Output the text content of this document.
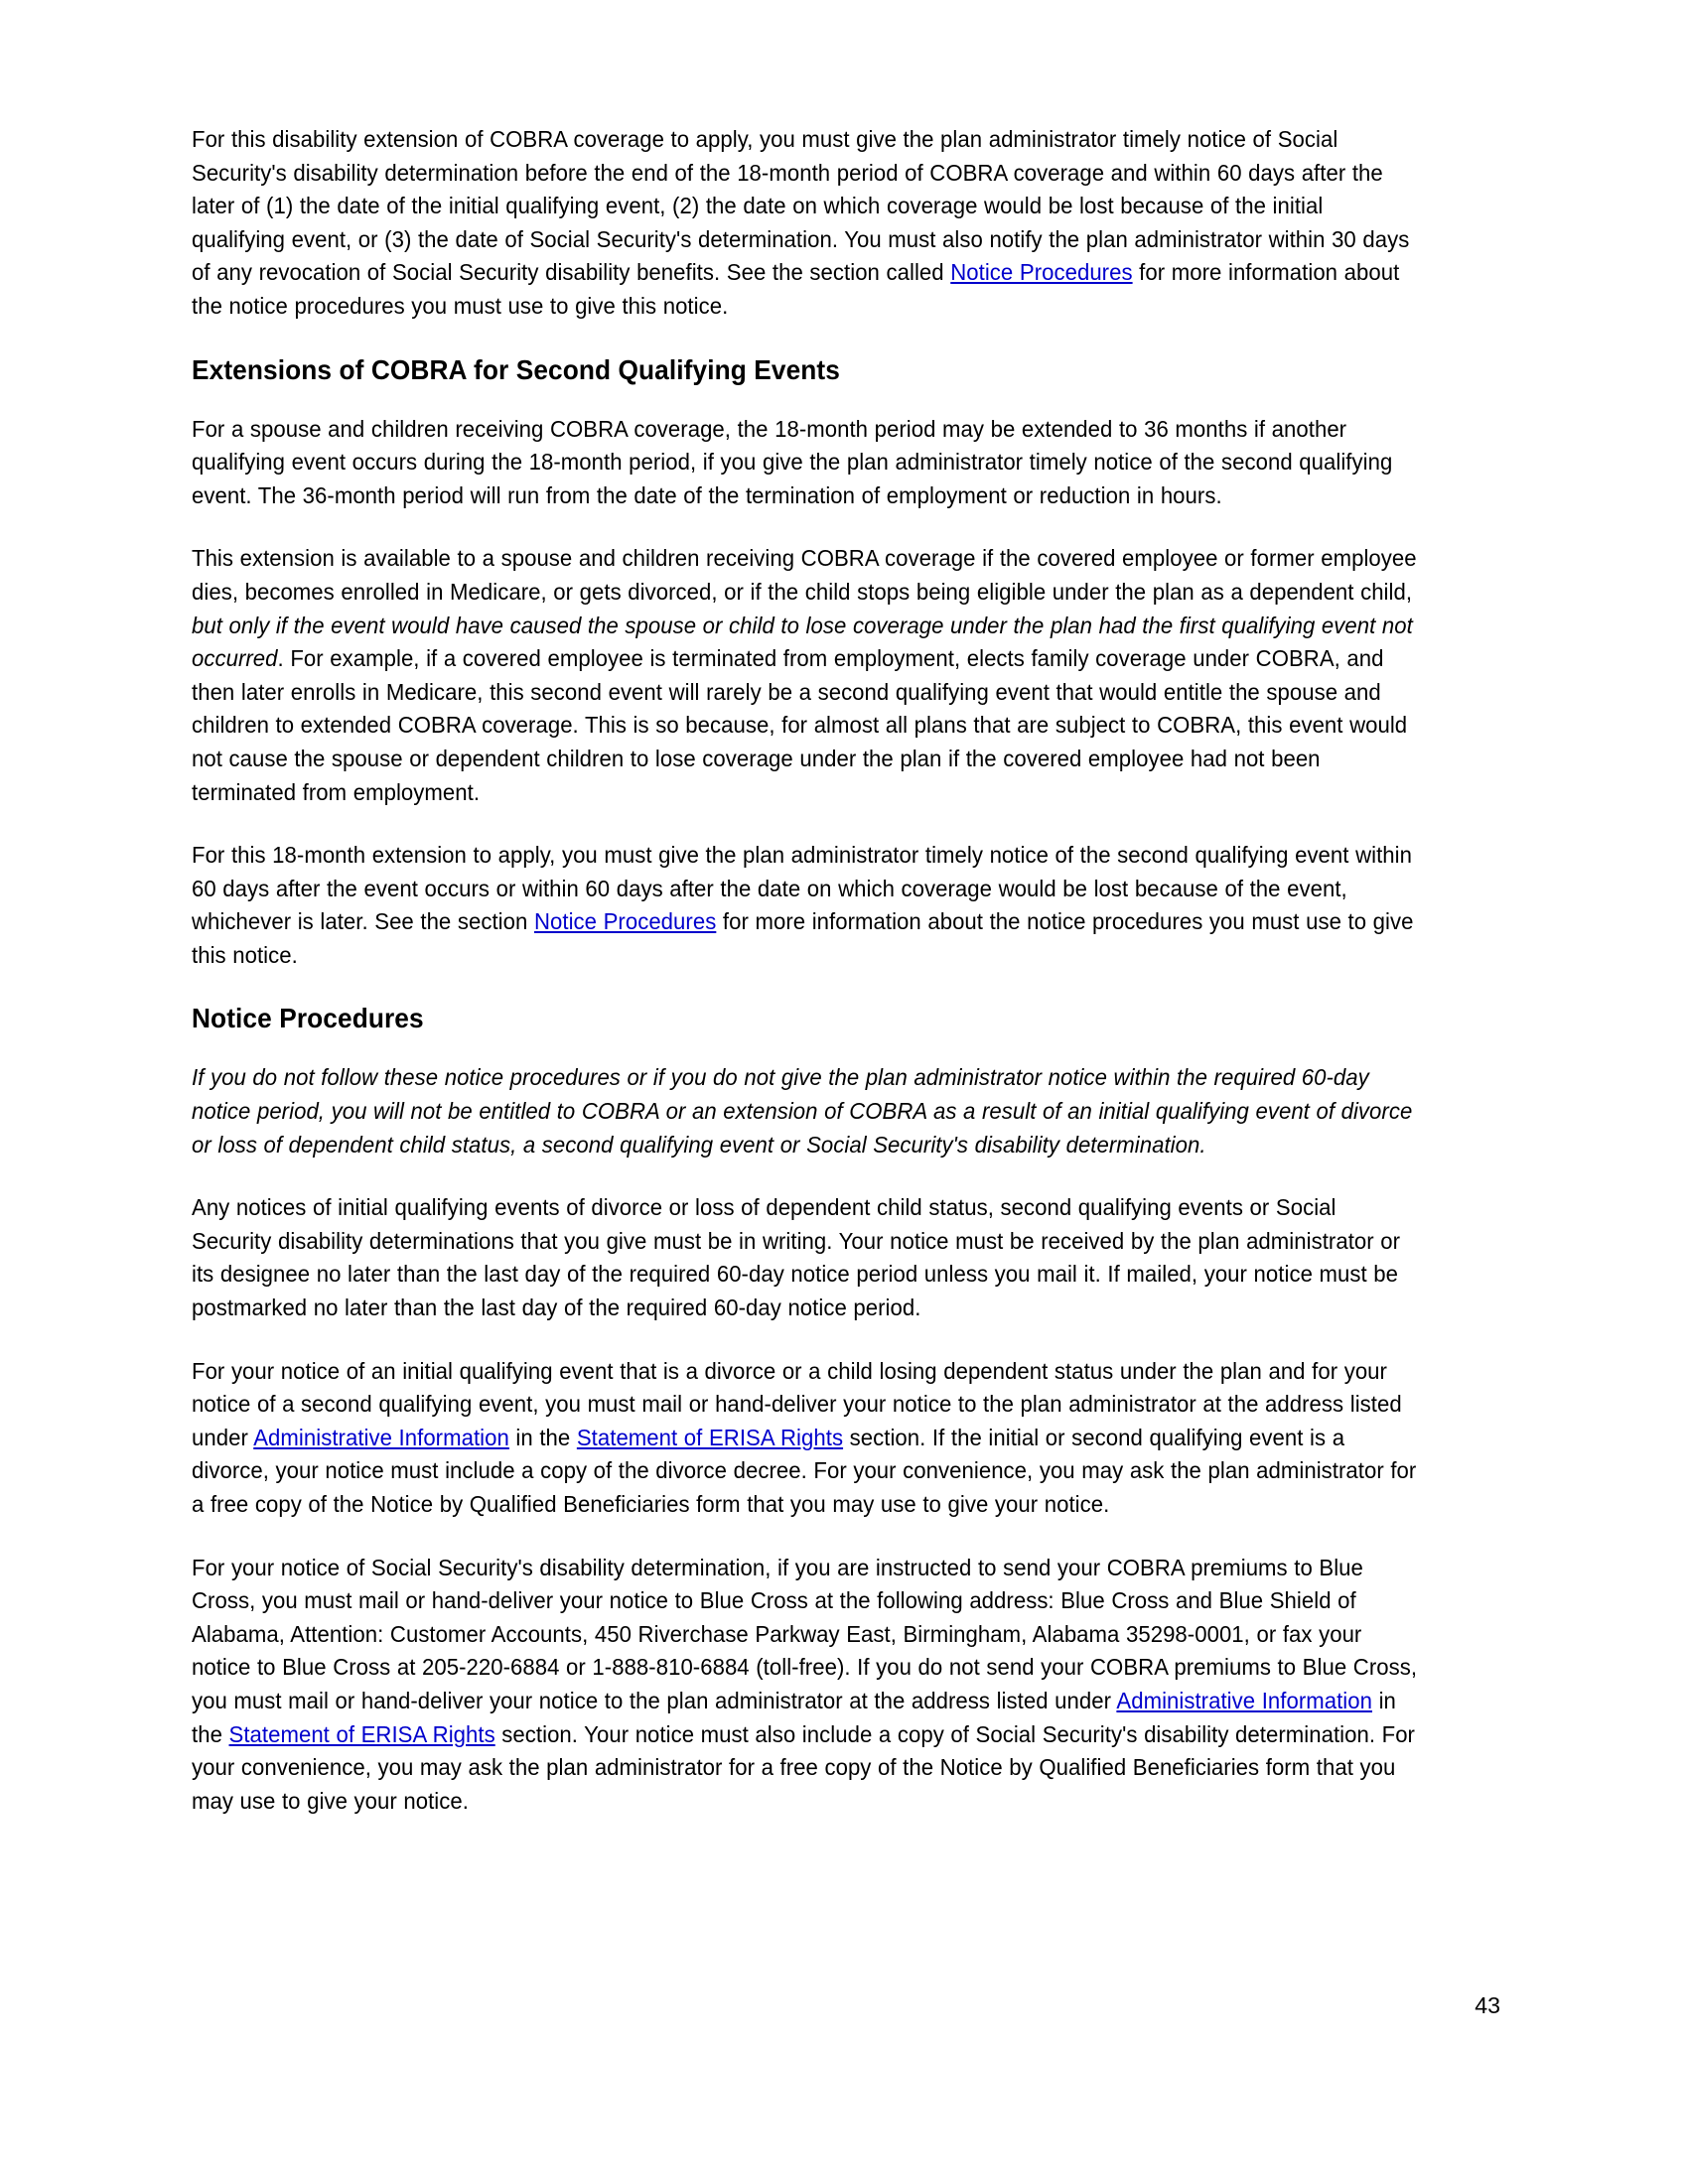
For this disability extension of COBRA coverage to apply, you must give the plan administrator timely notice of Social Security's disability determination before the end of the 18-month period of COBRA coverage and within 60 days after the later of (1) the date of the initial qualifying event, (2) the date on which coverage would be lost because of the initial qualifying event, or (3) the date of Social Security's determination. You must also notify the plan administrator within 30 days of any revocation of Social Security disability benefits. See the section called Notice Procedures for more information about the notice procedures you must use to give this notice.

Extensions of COBRA for Second Qualifying Events

For a spouse and children receiving COBRA coverage, the 18-month period may be extended to 36 months if another qualifying event occurs during the 18-month period, if you give the plan administrator timely notice of the second qualifying event. The 36-month period will run from the date of the termination of employment or reduction in hours.

This extension is available to a spouse and children receiving COBRA coverage if the covered employee or former employee dies, becomes enrolled in Medicare, or gets divorced, or if the child stops being eligible under the plan as a dependent child, but only if the event would have caused the spouse or child to lose coverage under the plan had the first qualifying event not occurred. For example, if a covered employee is terminated from employment, elects family coverage under COBRA, and then later enrolls in Medicare, this second event will rarely be a second qualifying event that would entitle the spouse and children to extended COBRA coverage. This is so because, for almost all plans that are subject to COBRA, this event would not cause the spouse or dependent children to lose coverage under the plan if the covered employee had not been terminated from employment.

For this 18-month extension to apply, you must give the plan administrator timely notice of the second qualifying event within 60 days after the event occurs or within 60 days after the date on which coverage would be lost because of the event, whichever is later. See the section Notice Procedures for more information about the notice procedures you must use to give this notice.

Notice Procedures

If you do not follow these notice procedures or if you do not give the plan administrator notice within the required 60-day notice period, you will not be entitled to COBRA or an extension of COBRA as a result of an initial qualifying event of divorce or loss of dependent child status, a second qualifying event or Social Security's disability determination.

Any notices of initial qualifying events of divorce or loss of dependent child status, second qualifying events or Social Security disability determinations that you give must be in writing. Your notice must be received by the plan administrator or its designee no later than the last day of the required 60-day notice period unless you mail it. If mailed, your notice must be postmarked no later than the last day of the required 60-day notice period.

For your notice of an initial qualifying event that is a divorce or a child losing dependent status under the plan and for your notice of a second qualifying event, you must mail or hand-deliver your notice to the plan administrator at the address listed under Administrative Information in the Statement of ERISA Rights section. If the initial or second qualifying event is a divorce, your notice must include a copy of the divorce decree. For your convenience, you may ask the plan administrator for a free copy of the Notice by Qualified Beneficiaries form that you may use to give your notice.

For your notice of Social Security's disability determination, if you are instructed to send your COBRA premiums to Blue Cross, you must mail or hand-deliver your notice to Blue Cross at the following address: Blue Cross and Blue Shield of Alabama, Attention: Customer Accounts, 450 Riverchase Parkway East, Birmingham, Alabama 35298-0001, or fax your notice to Blue Cross at 205-220-6884 or 1-888-810-6884 (toll-free). If you do not send your COBRA premiums to Blue Cross, you must mail or hand-deliver your notice to the plan administrator at the address listed under Administrative Information in the Statement of ERISA Rights section. Your notice must also include a copy of Social Security's disability determination. For your convenience, you may ask the plan administrator for a free copy of the Notice by Qualified Beneficiaries form that you may use to give your notice.

43
